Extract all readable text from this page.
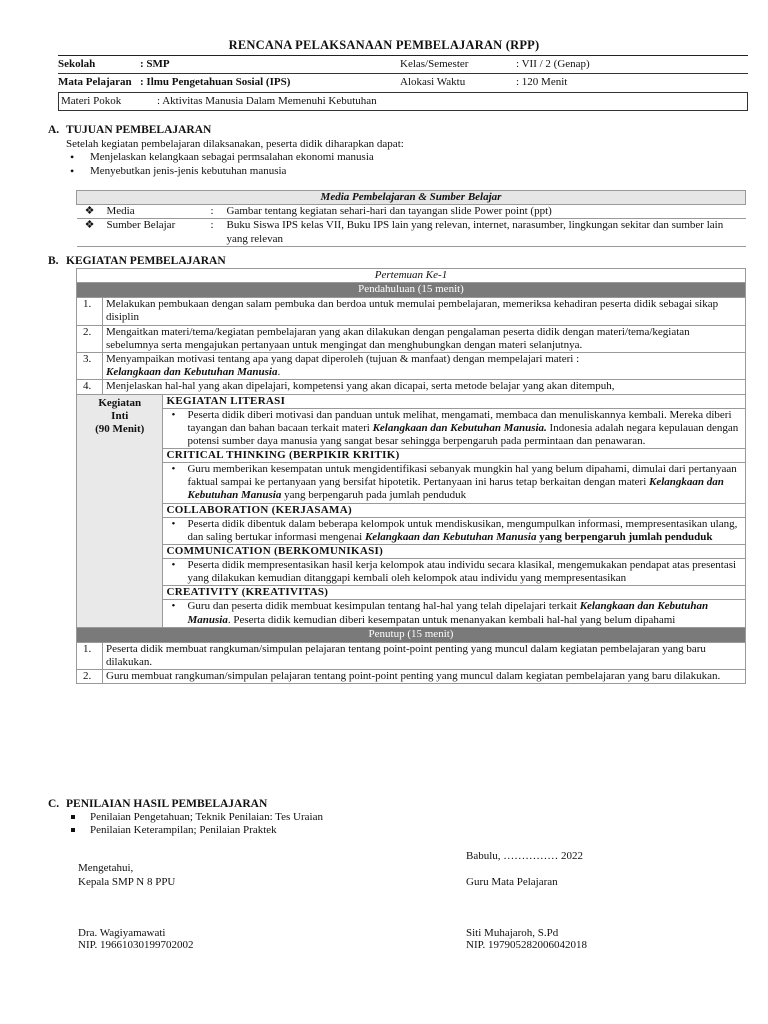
RENCANA PELAKSANAAN PEMBELAJARAN (RPP)
Sekolah	: SMP	Kelas/Semester	: VII / 2 (Genap)
Mata Pelajaran : Ilmu Pengetahuan Sosial (IPS)	Alokasi Waktu	: 120 Menit
Materi Pokok	: Aktivitas Manusia Dalam Memenuhi Kebutuhan
A. TUJUAN PEMBELAJARAN
Setelah kegiatan pembelajaran dilaksanakan, peserta didik diharapkan dapat:
• Menjelaskan kelangkaan sebagai permsalahan ekonomi manusia
• Menyebutkan jenis-jenis kebutuhan manusia
Media Pembelajaran & Sumber Belajar			
❖	Media	:	Gambar tentang kegiatan sehari-hari dan tayangan slide Power point (ppt)
❖	Sumber Belajar	:	Buku Siswa IPS kelas VII, Buku IPS lain yang relevan, internet, narasumber, lingkungan sekitar dan sumber lain yang relevan
B. KEGIATAN PEMBELAJARAN
Pertemuan Ke-1		
Pendahuluan (15 menit)		
1.	Melakukan pembukaan dengan salam pembuka dan berdoa untuk memulai pembelajaran, memeriksa kehadiran peserta didik sebagai sikap disiplin	
2.	Mengaitkan materi/tema/kegiatan pembelajaran yang akan dilakukan dengan pengalaman peserta didik dengan materi/tema/kegiatan sebelumnya serta mengajukan pertanyaan untuk mengingat dan menghubungkan dengan materi selanjutnya.	
3.	Menyampaikan motivasi tentang apa yang dapat diperoleh (tujuan & manfaat) dengan mempelajari materi :
Kelangkaan dan Kebutuhan Manusia.	
4.	Menjelaskan hal-hal yang akan dipelajari, kompetensi yang akan dicapai, serta metode belajar yang akan ditempuh,	

Kegiatan Inti
(90 Menit)		KEGIATAN LITERASI
		• Peserta didik diberi motivasi dan panduan untuk melihat, mengamati, membaca dan menuliskannya kembali. Mereka diberi tayangan dan bahan bacaan terkait materi Kelangkaan dan Kebutuhan Manusia. Indonesia adalah negara kepulauan dengan potensi sumber daya manusia yang sangat besar sehingga berpengaruh pada permintaan dan penawaran.
		CRITICAL THINKING (BERPIKIR KRITIK)
		• Guru memberikan kesempatan untuk mengidentifikasi sebanyak mungkin hal yang belum dipahami, dimulai dari pertanyaan faktual sampai ke pertanyaan yang bersifat hipotetik. Pertanyaan ini harus tetap berkaitan dengan materi Kelangkaan dan Kebutuhan Manusia yang berpengaruh pada jumlah penduduk
		COLLABORATION (KERJASAMA)
		• Peserta didik dibentuk dalam beberapa kelompok untuk mendiskusikan, mengumpulkan informasi, mempresentasikan ulang, dan saling bertukar informasi mengenai Kelangkaan dan Kebutuhan Manusia yang berpengaruh jumlah penduduk
		COMMUNICATION (BERKOMUNIKASI)
		• Peserta didik mempresentasikan hasil kerja kelompok atau individu secara klasikal, mengemukakan pendapat atas presentasi yang dilakukan kemudian ditanggapi kembali oleh kelompok atau individu yang mempresentasikan
		CREATIVITY (KREATIVITAS)
		• Guru dan peserta didik membuat kesimpulan tentang hal-hal yang telah dipelajari terkait Kelangkaan dan Kebutuhan Manusia. Peserta didik kemudian diberi kesempatan untuk menanyakan kembali hal-hal yang belum dipahami
Penutup (15 menit)		
1.	Peserta didik membuat rangkuman/simpulan pelajaran tentang point-point penting yang muncul dalam kegiatan pembelajaran yang baru dilakukan.	
2.	Guru membuat rangkuman/simpulan pelajaran tentang point-point penting yang muncul dalam kegiatan pembelajaran yang baru dilakukan.	
C. PENILAIAN HASIL PEMBELAJARAN
Penilaian Pengetahuan; Teknik Penilaian: Tes Uraian
Penilaian Keterampilan; Penilaian Praktek
Babulu, …………… 2022
Mengetahui,
Kepala SMP N 8 PPU	Guru Mata Pelajaran
Dra. Wagiyamawati
NIP. 19661030199702002
Siti Muhajaroh, S.Pd
NIP. 197905282006042018
